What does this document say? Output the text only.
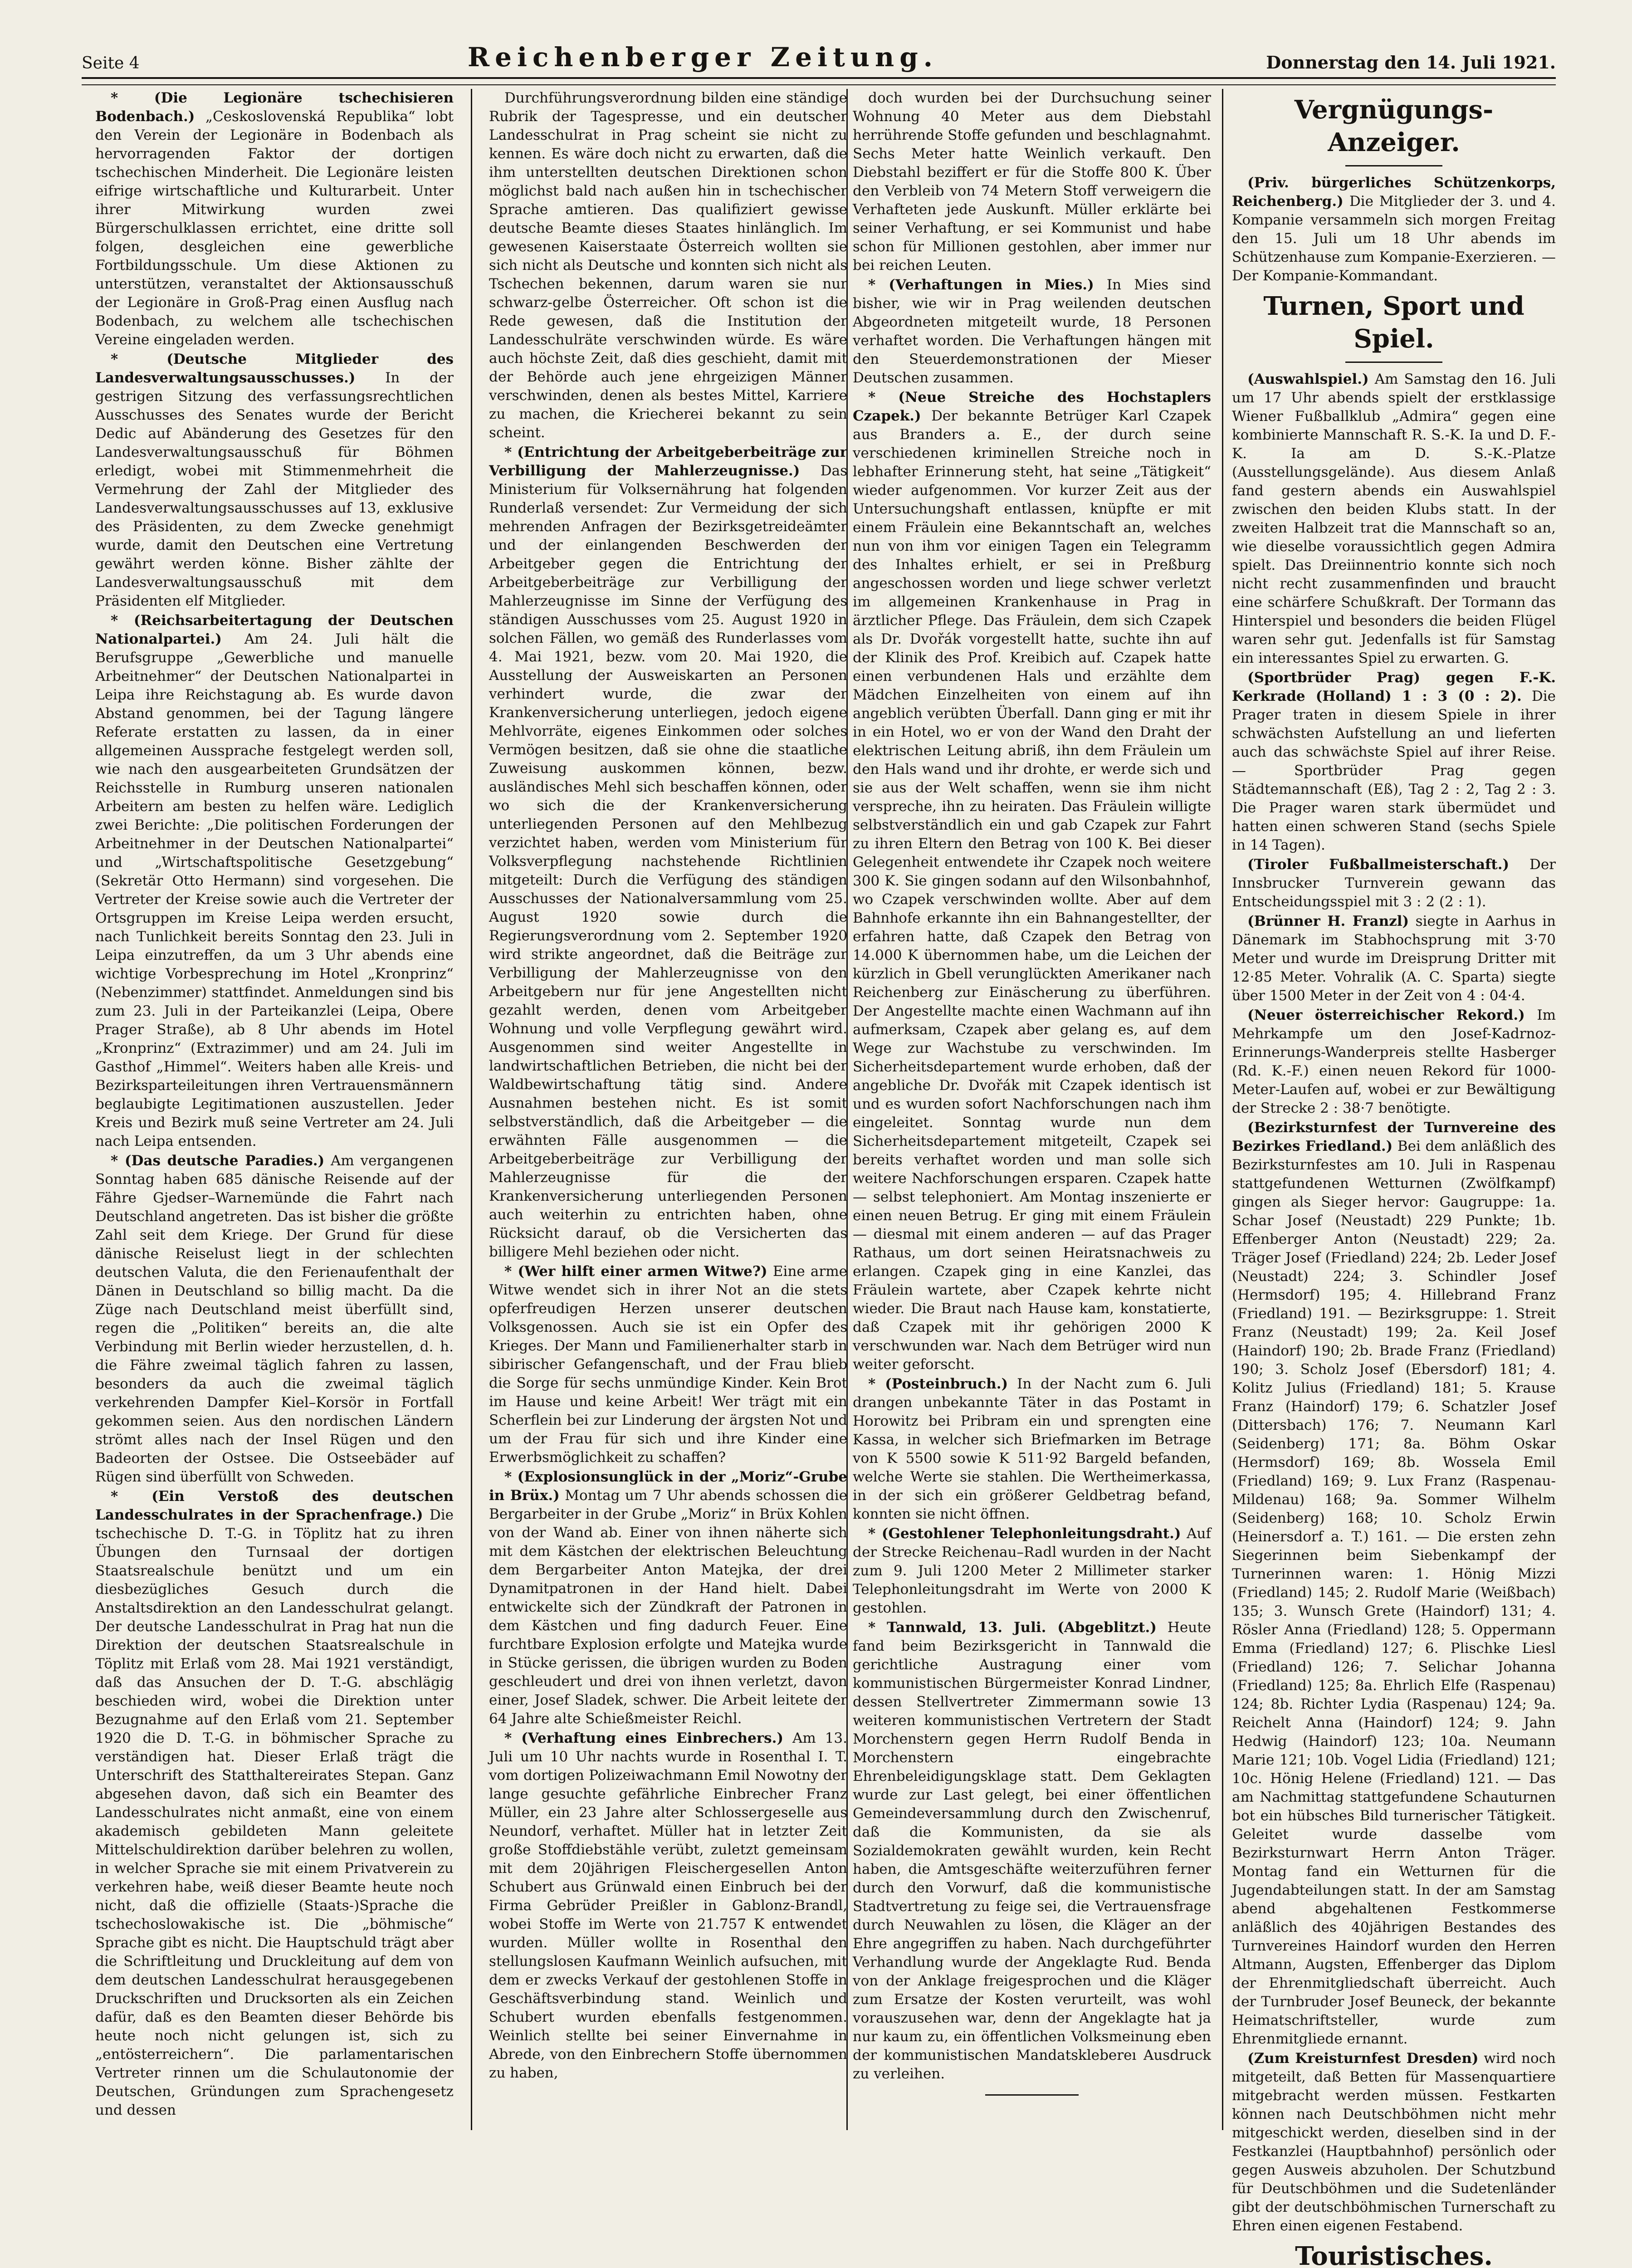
Seite 4	Reichenberger Zeitung.	Donnerstag den 14. Juli 1921.

* (Die Legionäre tschechisieren Bodenbach.) „Ceskoslovenská Republika“ lobt den Verein der Legionäre in Bodenbach als hervorragenden Faktor der dortigen tschechischen Minderheit. Die Legionäre leisten eifrige wirtschaftliche und Kulturarbeit. Unter ihrer Mitwirkung wurden zwei Bürgerschulklassen errichtet, eine dritte soll folgen, desgleichen eine gewerbliche Fortbildungsschule. Um diese Aktionen zu unterstützen, veranstaltet der Aktionsausschuß der Legionäre in Groß-Prag einen Ausflug nach Bodenbach, zu welchem alle tschechischen Vereine eingeladen werden.

* (Deutsche Mitglieder des Landesverwaltungsausschusses.) In der gestrigen Sitzung des verfassungsrechtlichen Ausschusses des Senates wurde der Bericht Dedic auf Abänderung des Gesetzes für den Landesverwaltungsausschuß für Böhmen erledigt, wobei mit Stimmenmehrheit die Vermehrung der Zahl der Mitglieder des Landesverwaltungsausschusses auf 13, exklusive des Präsidenten, zu dem Zwecke genehmigt wurde, damit den Deutschen eine Vertretung gewährt werden könne. Bisher zählte der Landesverwaltungsausschuß mit dem Präsidenten elf Mitglieder.

* (Reichsarbeitertagung der Deutschen Nationalpartei.) Am 24. Juli hält die Berufsgruppe „Gewerbliche und manuelle Arbeitnehmer“ der Deutschen Nationalpartei in Leipa ihre Reichstagung ab. Es wurde davon Abstand genommen, bei der Tagung längere Referate erstatten zu lassen, da in einer allgemeinen Aussprache festgelegt werden soll, wie nach den ausgearbeiteten Grundsätzen der Reichsstelle in Rumburg unseren nationalen Arbeitern am besten zu helfen wäre. Lediglich zwei Berichte: „Die politischen Forderungen der Arbeitnehmer in der Deutschen Nationalpartei“ und „Wirtschaftspolitische Gesetzgebung“ (Sekretär Otto Hermann) sind vorgesehen. Die Vertreter der Kreise sowie auch die Vertreter der Ortsgruppen im Kreise Leipa werden ersucht, nach Tunlichkeit bereits Sonntag den 23. Juli in Leipa einzutreffen, da um 3 Uhr abends eine wichtige Vorbesprechung im Hotel „Kronprinz“ (Nebenzimmer) stattfindet. Anmeldungen sind bis zum 23. Juli in der Parteikanzlei (Leipa, Obere Prager Straße), ab 8 Uhr abends im Hotel „Kronprinz“ (Extrazimmer) und am 24. Juli im Gasthof „Himmel“. Weiters haben alle Kreis- und Bezirksparteileitungen ihren Vertrauensmännern beglaubigte Legitimationen auszustellen. Jeder Kreis und Bezirk muß seine Vertreter am 24. Juli nach Leipa entsenden.

* (Das deutsche Paradies.) Am vergangenen Sonntag haben 685 dänische Reisende auf der Fähre Gjedser–Warnemünde die Fahrt nach Deutschland angetreten. Das ist bisher die größte Zahl seit dem Kriege. Der Grund für diese dänische Reiselust liegt in der schlechten deutschen Valuta, die den Ferienaufenthalt der Dänen in Deutschland so billig macht. Da die Züge nach Deutschland meist überfüllt sind, regen die „Politiken“ bereits an, die alte Verbindung mit Berlin wieder herzustellen, d. h. die Fähre zweimal täglich fahren zu lassen, besonders da auch die zweimal täglich verkehrenden Dampfer Kiel–Korsör in Fortfall gekommen seien. Aus den nordischen Ländern strömt alles nach der Insel Rügen und den Badeorten der Ostsee. Die Ostseebäder auf Rügen sind überfüllt von Schweden.

* (Ein Verstoß des deutschen Landesschulrates in der Sprachenfrage.) Die tschechische D. T.-G. in Töplitz hat zu ihren Übungen den Turnsaal der dortigen Staatsrealschule benützt und um ein diesbezügliches Gesuch durch die Anstaltsdirektion an den Landesschulrat gelangt. Der deutsche Landesschulrat in Prag hat nun die Direktion der deutschen Staatsrealschule in Töplitz mit Erlaß vom 28. Mai 1921 verständigt, daß das Ansuchen der D. T.-G. abschlägig beschieden wird, wobei die Direktion unter Bezugnahme auf den Erlaß vom 21. September 1920 die D. T.-G. in böhmischer Sprache zu verständigen hat. Dieser Erlaß trägt die Unterschrift des Statthaltereirates Stepan. Ganz abgesehen davon, daß sich ein Beamter des Landesschulrates nicht anmaßt, eine von einem akademisch gebildeten Mann geleitete Mittelschuldirektion darüber belehren zu wollen, in welcher Sprache sie mit einem Privatverein zu verkehren habe, weiß dieser Beamte heute noch nicht, daß die offizielle (Staats-)Sprache die tschechoslowakische ist. Die „böhmische“ Sprache gibt es nicht. Die Hauptschuld trägt aber die Schriftleitung und Druckleitung auf dem von dem deutschen Landesschulrat herausgegebenen Druckschriften und Drucksorten als ein Zeichen dafür, daß es den Beamten dieser Behörde bis heute noch nicht gelungen ist, sich zu „entösterreichern“. Die parlamentarischen Vertreter rinnen um die Schulautonomie der Deutschen, Gründungen zum Sprachengesetz und dessen

Durchführungsverordnung bilden eine ständige Rubrik der Tagespresse, und ein deutscher Landesschulrat in Prag scheint sie nicht zu kennen. Es wäre doch nicht zu erwarten, daß die ihm unterstellten deutschen Direktionen schon möglichst bald nach außen hin in tschechischer Sprache amtieren. Das qualifiziert gewisse deutsche Beamte dieses Staates hinlänglich. Im gewesenen Kaiserstaate Österreich wollten sie sich nicht als Deutsche und konnten sich nicht als Tschechen bekennen, darum waren sie nur schwarz-gelbe Österreicher. Oft schon ist die Rede gewesen, daß die Institution der Landesschulräte verschwinden würde. Es wäre auch höchste Zeit, daß dies geschieht, damit mit der Behörde auch jene ehrgeizigen Männer verschwinden, denen als bestes Mittel, Karriere zu machen, die Kriecherei bekannt zu sein scheint.

* (Entrichtung der Arbeitgeberbeiträge zur Verbilligung der Mahlerzeugnisse.) Das Ministerium für Volksernährung hat folgenden Runderlaß versendet: Zur Vermeidung der sich mehrenden Anfragen der Bezirksgetreideämter und der einlangenden Beschwerden der Arbeitgeber gegen die Entrichtung der Arbeitgeberbeiträge zur Verbilligung der Mahlerzeugnisse im Sinne der Verfügung des ständigen Ausschusses vom 25. August 1920 in solchen Fällen, wo gemäß des Runderlasses vom 4. Mai 1921, bezw. vom 20. Mai 1920, die Ausstellung der Ausweiskarten an Personen verhindert wurde, die zwar der Krankenversicherung unterliegen, jedoch eigene Mehlvorräte, eigenes Einkommen oder solches Vermögen besitzen, daß sie ohne die staatliche Zuweisung auskommen können, bezw. ausländisches Mehl sich beschaffen können, oder wo sich die der Krankenversicherung unterliegenden Personen auf den Mehlbezug verzichtet haben, werden vom Ministerium für Volksverpflegung nachstehende Richtlinien mitgeteilt: Durch die Verfügung des ständigen Ausschusses der Nationalversammlung vom 25. August 1920 sowie durch die Regierungsverordnung vom 2. September 1920 wird strikte angeordnet, daß die Beiträge zur Verbilligung der Mahlerzeugnisse von den Arbeitgebern nur für jene Angestellten nicht gezahlt werden, denen vom Arbeitgeber Wohnung und volle Verpflegung gewährt wird. Ausgenommen sind weiter Angestellte in landwirtschaftlichen Betrieben, die nicht bei der Waldbewirtschaftung tätig sind. Andere Ausnahmen bestehen nicht. Es ist somit selbstverständlich, daß die Arbeitgeber — die erwähnten Fälle ausgenommen — die Arbeitgeberbeiträge zur Verbilligung der Mahlerzeugnisse für die der Krankenversicherung unterliegenden Personen auch weiterhin zu entrichten haben, ohne Rücksicht darauf, ob die Versicherten das billigere Mehl beziehen oder nicht.

* (Wer hilft einer armen Witwe?) Eine arme Witwe wendet sich in ihrer Not an die stets opferfreudigen Herzen unserer deutschen Volksgenossen. Auch sie ist ein Opfer des Krieges. Der Mann und Familienerhalter starb in sibirischer Gefangenschaft, und der Frau blieb die Sorge für sechs unmündige Kinder. Kein Brot im Hause und keine Arbeit! Wer trägt mit ein Scherflein bei zur Linderung der ärgsten Not und um der Frau für sich und ihre Kinder eine Erwerbsmöglichkeit zu schaffen?

* (Explosionsunglück in der „Moriz“-Grube in Brüx.) Montag um 7 Uhr abends schossen die Bergarbeiter in der Grube „Moriz“ in Brüx Kohlen von der Wand ab. Einer von ihnen näherte sich mit dem Kästchen der elektrischen Beleuchtung dem Bergarbeiter Anton Matejka, der drei Dynamitpatronen in der Hand hielt. Dabei entwickelte sich der Zündkraft der Patronen in dem Kästchen und fing dadurch Feuer. Eine furchtbare Explosion erfolgte und Matejka wurde in Stücke gerissen, die übrigen wurden zu Boden geschleudert und drei von ihnen verletzt, davon einer, Josef Sladek, schwer. Die Arbeit leitete der 64 Jahre alte Schießmeister Reichl.

* (Verhaftung eines Einbrechers.) Am 13. Juli um 10 Uhr nachts wurde in Rosenthal I. T. vom dortigen Polizeiwachmann Emil Nowotny der lange gesuchte gefährliche Einbrecher Franz Müller, ein 23 Jahre alter Schlossergeselle aus Neundorf, verhaftet. Müller hat in letzter Zeit große Stoffdiebstähle verübt, zuletzt gemeinsam mit dem 20jährigen Fleischergesellen Anton Schubert aus Grünwald einen Einbruch bei der Firma Gebrüder Preißler in Gablonz-Brandl, wobei Stoffe im Werte von 21.757 K entwendet wurden. Müller wollte in Rosenthal den stellungslosen Kaufmann Weinlich aufsuchen, mit dem er zwecks Verkauf der gestohlenen Stoffe in Geschäftsverbindung stand. Weinlich und Schubert wurden ebenfalls festgenommen. Weinlich stellte bei seiner Einvernahme in Abrede, von den Einbrechern Stoffe übernommen zu haben,

doch wurden bei der Durchsuchung seiner Wohnung 40 Meter aus dem Diebstahl herrührende Stoffe gefunden und beschlagnahmt. Sechs Meter hatte Weinlich verkauft. Den Diebstahl beziffert er für die Stoffe 800 K. Über den Verbleib von 74 Metern Stoff verweigern die Verhafteten jede Auskunft. Müller erklärte bei seiner Verhaftung, er sei Kommunist und habe schon für Millionen gestohlen, aber immer nur bei reichen Leuten.

* (Verhaftungen in Mies.) In Mies sind bisher, wie wir in Prag weilenden deutschen Abgeordneten mitgeteilt wurde, 18 Personen verhaftet worden. Die Verhaftungen hängen mit den Steuerdemonstrationen der Mieser Deutschen zusammen.

* (Neue Streiche des Hochstaplers Czapek.) Der bekannte Betrüger Karl Czapek aus Branders a. E., der durch seine verschiedenen kriminellen Streiche noch in lebhafter Erinnerung steht, hat seine „Tätigkeit“ wieder aufgenommen. Vor kurzer Zeit aus der Untersuchungshaft entlassen, knüpfte er mit einem Fräulein eine Bekanntschaft an, welches nun von ihm vor einigen Tagen ein Telegramm des Inhaltes erhielt, er sei in Preßburg angeschossen worden und liege schwer verletzt im allgemeinen Krankenhause in Prag in ärztlicher Pflege. Das Fräulein, dem sich Czapek als Dr. Dvořák vorgestellt hatte, suchte ihn auf der Klinik des Prof. Kreibich auf. Czapek hatte einen verbundenen Hals und erzählte dem Mädchen Einzelheiten von einem auf ihn angeblich verübten Überfall. Dann ging er mit ihr in ein Hotel, wo er von der Wand den Draht der elektrischen Leitung abriß, ihn dem Fräulein um den Hals wand und ihr drohte, er werde sich und sie aus der Welt schaffen, wenn sie ihm nicht verspreche, ihn zu heiraten. Das Fräulein willigte selbstverständlich ein und gab Czapek zur Fahrt zu ihren Eltern den Betrag von 100 K. Bei dieser Gelegenheit entwendete ihr Czapek noch weitere 300 K. Sie gingen sodann auf den Wilsonbahnhof, wo Czapek verschwinden wollte. Aber auf dem Bahnhofe erkannte ihn ein Bahnangestellter, der erfahren hatte, daß Czapek den Betrag von 14.000 K übernommen habe, um die Leichen der kürzlich in Gbell verunglückten Amerikaner nach Reichenberg zur Einäscherung zu überführen. Der Angestellte machte einen Wachmann auf ihn aufmerksam, Czapek aber gelang es, auf dem Wege zur Wachstube zu verschwinden. Im Sicherheitsdepartement wurde erhoben, daß der angebliche Dr. Dvořák mit Czapek identisch ist und es wurden sofort Nachforschungen nach ihm eingeleitet. Sonntag wurde nun dem Sicherheitsdepartement mitgeteilt, Czapek sei bereits verhaftet worden und man solle sich weitere Nachforschungen ersparen. Czapek hatte — selbst telephoniert. Am Montag inszenierte er einen neuen Betrug. Er ging mit einem Fräulein — diesmal mit einem anderen — auf das Prager Rathaus, um dort seinen Heiratsnachweis zu erlangen. Czapek ging in eine Kanzlei, das Fräulein wartete, aber Czapek kehrte nicht wieder. Die Braut nach Hause kam, konstatierte, daß Czapek mit ihr gehörigen 2000 K verschwunden war. Nach dem Betrüger wird nun weiter geforscht.

* (Posteinbruch.) In der Nacht zum 6. Juli drangen unbekannte Täter in das Postamt in Horowitz bei Pribram ein und sprengten eine Kassa, in welcher sich Briefmarken im Betrage von K 5500 sowie K 511·92 Bargeld befanden, welche Werte sie stahlen. Die Wertheimerkassa, in der sich ein größerer Geldbetrag befand, konnten sie nicht öffnen.

* (Gestohlener Telephonleitungsdraht.) Auf der Strecke Reichenau–Radl wurden in der Nacht zum 9. Juli 1200 Meter 2 Millimeter starker Telephonleitungsdraht im Werte von 2000 K gestohlen.

* Tannwald, 13. Juli. (Abgeblitzt.) Heute fand beim Bezirksgericht in Tannwald die gerichtliche Austragung einer vom kommunistischen Bürgermeister Konrad Lindner, dessen Stellvertreter Zimmermann sowie 13 weiteren kommunistischen Vertretern der Stadt Morchenstern gegen Herrn Rudolf Benda in Morchenstern eingebrachte Ehrenbeleidigungsklage statt. Dem Geklagten wurde zur Last gelegt, bei einer öffentlichen Gemeindeversammlung durch den Zwischenruf, daß die Kommunisten, da sie als Sozialdemokraten gewählt wurden, kein Recht haben, die Amtsgeschäfte weiterzuführen ferner durch den Vorwurf, daß die kommunistische Stadtvertretung zu feige sei, die Vertrauensfrage durch Neuwahlen zu lösen, die Kläger an der Ehre angegriffen zu haben. Nach durchgeführter Verhandlung wurde der Angeklagte Rud. Benda von der Anklage freigesprochen und die Kläger zum Ersatze der Kosten verurteilt, was wohl vorauszusehen war, denn der Angeklagte hat ja nur kaum zu, ein öffentlichen Volksmeinung eben der kommunistischen Mandatsklebereı Ausdruck zu verleihen.

Vergnügungs-Anzeiger.

(Priv. bürgerliches Schützenkorps, Reichenberg.) Die Mitglieder der 3. und 4. Kompanie versammeln sich morgen Freitag den 15. Juli um 18 Uhr abends im Schützenhause zum Kompanie-Exerzieren. — Der Kompanie-Kommandant.

Turnen, Sport und Spiel.

(Auswahlspiel.) Am Samstag den 16. Juli um 17 Uhr abends spielt der erstklassige Wiener Fußballklub „Admira“ gegen eine kombinierte Mannschaft R. S.-K. Ia und D. F.-K. Ia am D. S.-K.-Platze (Ausstellungsgelände). Aus diesem Anlaß fand gestern abends ein Auswahlspiel zwischen den beiden Klubs statt. In der zweiten Halbzeit trat die Mannschaft so an, wie dieselbe voraussichtlich gegen Admira spielt. Das Dreiinnentrio konnte sich noch nicht recht zusammenfinden und braucht eine schärfere Schußkraft. Der Tormann das Hinterspiel und besonders die beiden Flügel waren sehr gut. Jedenfalls ist für Samstag ein interessantes Spiel zu erwarten. G.

(Sportbrüder Prag) gegen F.-K. Kerkrade (Holland) 1 : 3 (0 : 2). Die Prager traten in diesem Spiele in ihrer schwächsten Aufstellung an und lieferten auch das schwächste Spiel auf ihrer Reise. — Sportbrüder Prag gegen Städtemannschaft (Eß), Tag 2 : 2, Tag 2 : 3. Die Prager waren stark übermüdet und hatten einen schweren Stand (sechs Spiele in 14 Tagen).

(Tiroler Fußballmeisterschaft.) Der Innsbrucker Turnverein gewann das Entscheidungsspiel mit 3 : 2 (2 : 1).

(Brünner H. Franzl) siegte in Aarhus in Dänemark im Stabhochsprung mit 3·70 Meter und wurde im Dreisprung Dritter mit 12·85 Meter. Vohralik (A. C. Sparta) siegte über 1500 Meter in der Zeit von 4 : 04·4.

(Neuer österreichischer Rekord.) Im Mehrkampfe um den Josef-Kadrnoz-Erinnerungs-Wanderpreis stellte Hasberger (Rd. K.-F.) einen neuen Rekord für 1000-Meter-Laufen auf, wobei er zur Bewältigung der Strecke 2 : 38·7 benötigte.

(Bezirksturnfest der Turnvereine des Bezirkes Friedland.) Bei dem anläßlich des Bezirksturnfestes am 10. Juli in Raspenau stattgefundenen Wetturnen (Zwölfkampf) gingen als Sieger hervor: Gaugruppe: 1a. Schar Josef (Neustadt) 229 Punkte; 1b. Effenberger Anton (Neustadt) 229; 2a. Träger Josef (Friedland) 224; 2b. Leder Josef (Neustadt) 224; 3. Schindler Josef (Hermsdorf) 195; 4. Hillebrand Franz (Friedland) 191. — Bezirksgruppe: 1. Streit Franz (Neustadt) 199; 2a. Keil Josef (Haindorf) 190; 2b. Brade Franz (Friedland) 190; 3. Scholz Josef (Ebersdorf) 181; 4. Kolitz Julius (Friedland) 181; 5. Krause Franz (Haindorf) 179; 6. Schatzler Josef (Dittersbach) 176; 7. Neumann Karl (Seidenberg) 171; 8a. Böhm Oskar (Hermsdorf) 169; 8b. Wossela Emil (Friedland) 169; 9. Lux Franz (Raspenau-Mildenau) 168; 9a. Sommer Wilhelm (Seidenberg) 168; 10. Scholz Erwin (Heinersdorf a. T.) 161. — Die ersten zehn Siegerinnen beim Siebenkampf der Turnerinnen waren: 1. Hönig Mizzi (Friedland) 145; 2. Rudolf Marie (Weißbach) 135; 3. Wunsch Grete (Haindorf) 131; 4. Rösler Anna (Friedland) 128; 5. Oppermann Emma (Friedland) 127; 6. Plischke Liesl (Friedland) 126; 7. Selichar Johanna (Friedland) 125; 8a. Ehrlich Elfe (Raspenau) 124; 8b. Richter Lydia (Raspenau) 124; 9a. Reichelt Anna (Haindorf) 124; 9. Jahn Hedwig (Haindorf) 123; 10a. Neumann Marie 121; 10b. Vogel Lidia (Friedland) 121; 10c. Hönig Helene (Friedland) 121. — Das am Nachmittag stattgefundene Schauturnen bot ein hübsches Bild turnerischer Tätigkeit. Geleitet wurde dasselbe vom Bezirksturnwart Herrn Anton Träger. Montag fand ein Wetturnen für die Jugendabteilungen statt. In der am Samstag abend abgehaltenen Festkommerse anläßlich des 40jährigen Bestandes des Turnvereines Haindorf wurden den Herren Altmann, Augsten, Effenberger das Diplom der Ehrenmitgliedschaft überreicht. Auch der Turnbruder Josef Beuneck, der bekannte Heimatschriftsteller, wurde zum Ehrenmitgliede ernannt.

(Zum Kreisturnfest Dresden) wird noch mitgeteilt, daß Betten für Massenquartiere mitgebracht werden müssen. Festkarten können nach Deutschböhmen nicht mehr mitgeschickt werden, dieselben sind in der Festkanzlei (Hauptbahnhof) persönlich oder gegen Ausweis abzuholen. Der Schutzbund für Deutschböhmen und die Sudetenländer gibt der deutschböhmischen Turnerschaft zu Ehren einen eigenen Festabend.

Touristisches.
